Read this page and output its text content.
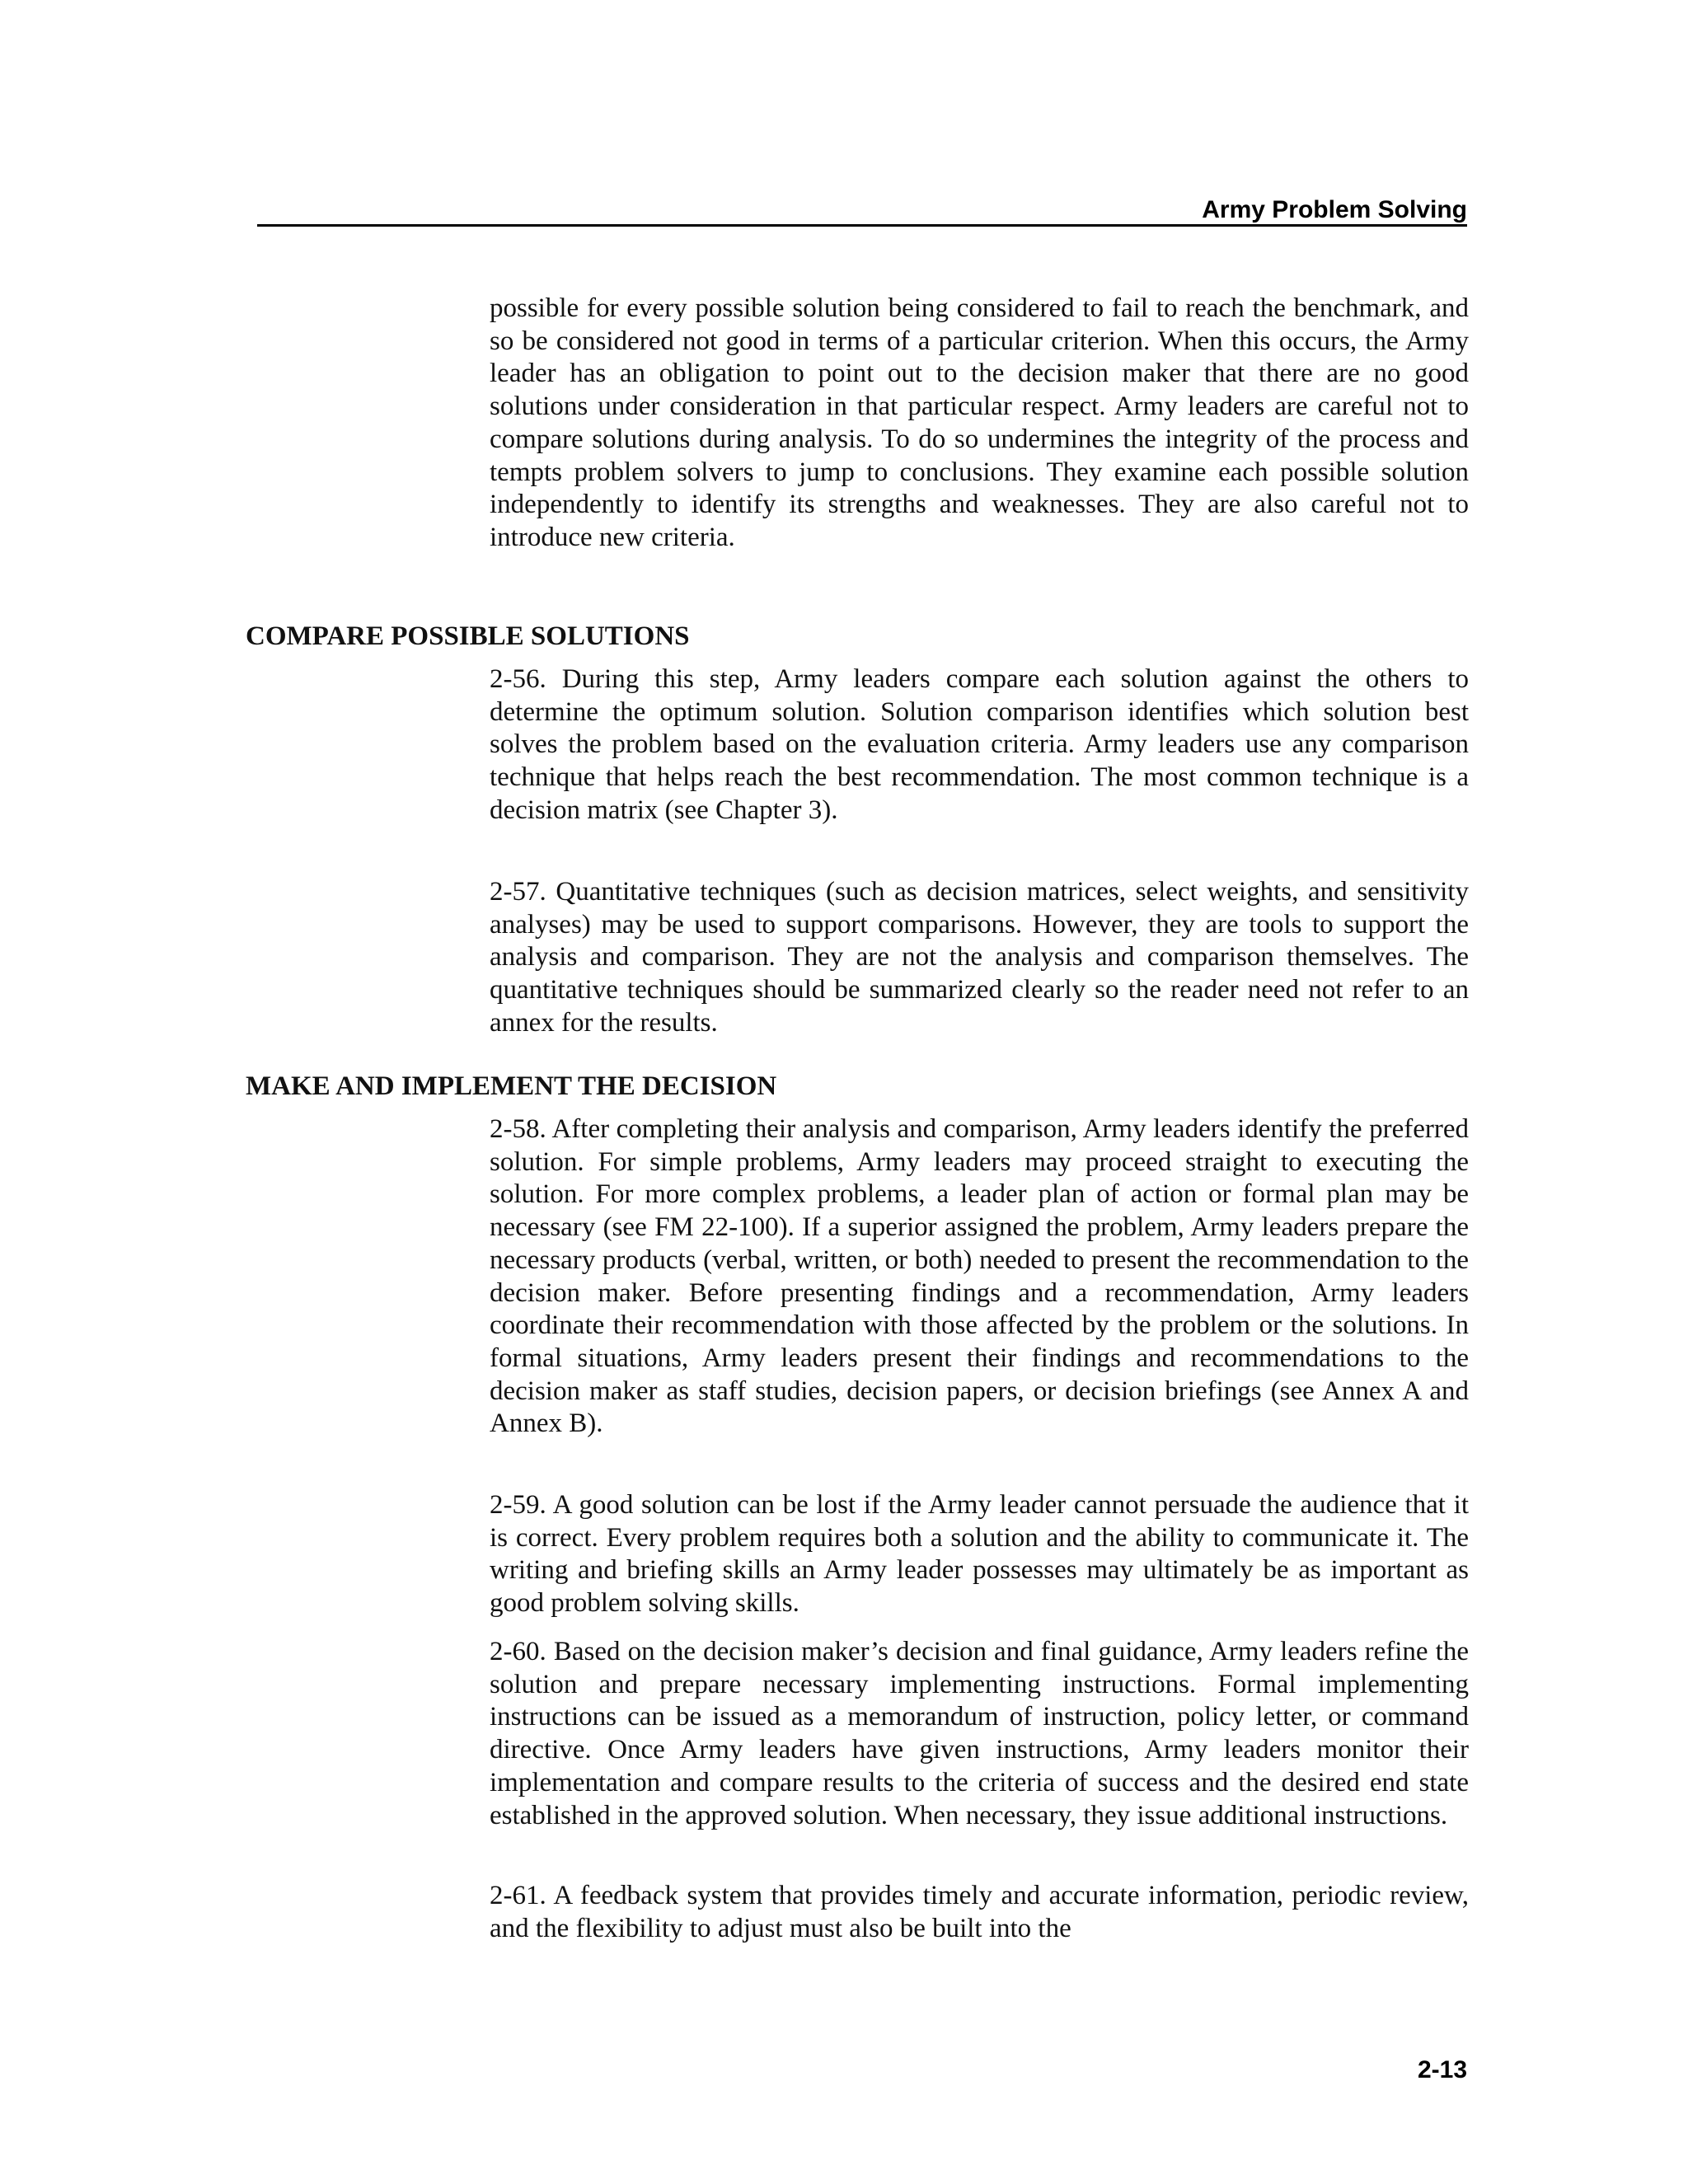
Army Problem Solving

possible for every possible solution being considered to fail to reach the benchmark, and so be considered not good in terms of a particular criterion. When this occurs, the Army leader has an obligation to point out to the decision maker that there are no good solutions under consideration in that particular respect. Army leaders are careful not to compare solutions during analysis. To do so undermines the integrity of the process and tempts problem solvers to jump to conclusions. They examine each possible solution independently to identify its strengths and weaknesses. They are also careful not to introduce new criteria.

COMPARE POSSIBLE SOLUTIONS

2-56. During this step, Army leaders compare each solution against the others to determine the optimum solution. Solution comparison identifies which solution best solves the problem based on the evaluation criteria. Army leaders use any comparison technique that helps reach the best recommendation. The most common technique is a decision matrix (see Chapter 3).

2-57. Quantitative techniques (such as decision matrices, select weights, and sensitivity analyses) may be used to support comparisons. However, they are tools to support the analysis and comparison. They are not the analysis and comparison themselves. The quantitative techniques should be summarized clearly so the reader need not refer to an annex for the results.

MAKE AND IMPLEMENT THE DECISION

2-58. After completing their analysis and comparison, Army leaders identify the preferred solution. For simple problems, Army leaders may proceed straight to executing the solution. For more complex problems, a leader plan of action or formal plan may be necessary (see FM 22-100). If a superior assigned the problem, Army leaders prepare the necessary products (verbal, written, or both) needed to present the recommendation to the decision maker. Before presenting findings and a recommendation, Army leaders coordinate their recommendation with those affected by the problem or the solutions. In formal situations, Army leaders present their findings and recommendations to the decision maker as staff studies, decision papers, or decision briefings (see Annex A and Annex B).

2-59. A good solution can be lost if the Army leader cannot persuade the audience that it is correct. Every problem requires both a solution and the ability to communicate it. The writing and briefing skills an Army leader possesses may ultimately be as important as good problem solving skills.

2-60. Based on the decision maker’s decision and final guidance, Army leaders refine the solution and prepare necessary implementing instructions. Formal implementing instructions can be issued as a memorandum of instruction, policy letter, or command directive. Once Army leaders have given instructions, Army leaders monitor their implementation and compare results to the criteria of success and the desired end state established in the approved solution. When necessary, they issue additional instructions.

2-61. A feedback system that provides timely and accurate information, periodic review, and the flexibility to adjust must also be built into the

2-13
